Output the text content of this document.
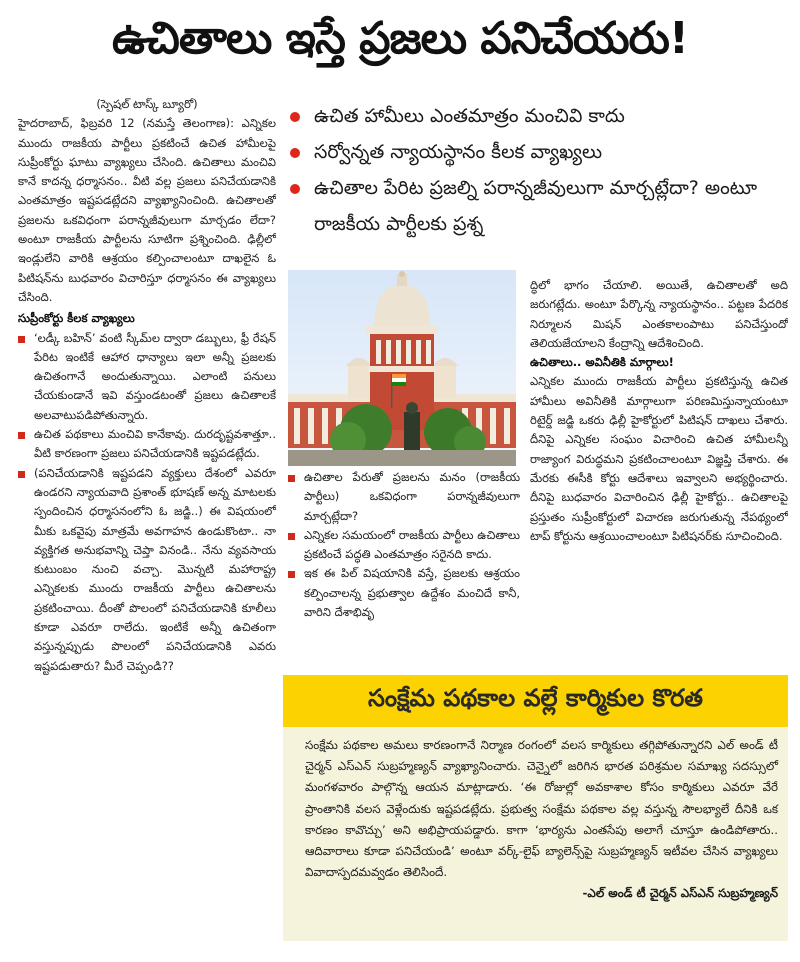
ఉచితాలు ఇస్తే ప్రజలు పనిచేయరు!
(స్పెషల్ టాస్క్ బ్యూరో)

హైదరాబాద్, ఫిబ్రవరి 12 (నమస్తే తెలంగాణ): ఎన్నికల ముందు రాజకీయ పార్టీలు ప్రకటించే ఉచిత హామీలపై సుప్రీంకోర్టు ఘాటు వ్యాఖ్యలు చేసింది. ఉచితాలు మంచివి కానే కాదన్న ధర్మాసనం.. వీటి వల్ల ప్రజలు పనిచేయడానికి ఎంతమాత్రం ఇష్టపడట్లేదని వ్యాఖ్యానించింది. ఉచితాలతో ప్రజలను ఒకవిధంగా పరాన్నజీవులుగా మార్చడం లేదా? అంటూ రాజకీయ పార్టీలను సూటిగా ప్రశ్నించింది. ఢిల్లీలో ఇండ్లులేని వారికి ఆశ్రయం కల్పించాలంటూ దాఖలైన ఓ పిటిషన్‌ను బుధవారం విచారిస్తూ ధర్మాసనం ఈ వ్యాఖ్యలు చేసింది.

సుప్రీంకోర్టు కీలక వ్యాఖ్యలు
‘లడ్కీ బహిన్’ వంటి స్కీమ్‌ల ద్వారా డబ్బులు, ఫ్రీ రేషన్ పేరిట ఇంటికే ఆహార ధాన్యాలు ఇలా అన్నీ ప్రజలకు ఉచితంగానే అందుతున్నాయి. ఎలాంటి పనులు చేయకుండానే ఇవి వస్తుండటంతో ప్రజలు ఉచితాలకే అలవాటుపడిపోతున్నారు.
ఉచిత పథకాలు మంచివి కానేకావు. దురదృష్టవశాత్తూ.. వీటి కారణంగా ప్రజలు పనిచేయడానికి ఇష్టపడట్లేదు.
(పనిచేయడానికి ఇష్టపడని వ్యక్తులు దేశంలో ఎవరూ ఉండరని న్యాయవాది ప్రశాంత్ భూషణ్ అన్న మాటలకు స్పందించిన ధర్మాసనంలోని ఓ జడ్జి..) ఈ విషయంలో మీకు ఒకవైపు మాత్రమే అవగాహన ఉండుకొంటా.. నా వ్యక్తిగత అనుభవాన్ని చెప్తా వినండి.. నేను వ్యవసాయ కుటుంబం నుంచి వచ్చా. మొన్నటి మహారాష్ట్ర ఎన్నికలకు ముందు రాజకీయ పార్టీలు ఉచితాలను ప్రకటించాయి. దీంతో పొలంలో పనిచేయడానికి కూలీలు కూడా ఎవరూ రాలేదు. ఇంటికే అన్నీ ఉచితంగా వస్తున్నప్పుడు పొలంలో పనిచేయడానికి ఎవరు ఇష్టపడుతారు? మీరే చెప్పండి??
ఉచిత హామీలు ఎంతమాత్రం మంచివి కాదు
సర్వోన్నత న్యాయస్థానం కీలక వ్యాఖ్యలు
ఉచితాల పేరిట ప్రజల్ని పరాన్నజీవులుగా మార్చట్లేదా? అంటూ రాజకీయ పార్టీలకు ప్రశ్న
ఉచితాల పేరుతో ప్రజలను మనం (రాజకీయ పార్టీలు) ఒకవిధంగా పరాన్నజీవులుగా మార్చట్లేదా?
ఎన్నికల సమయంలో రాజకీయ పార్టీలు ఉచితాలు ప్రకటించే పద్ధతి ఎంతమాత్రం సరైనది కాదు.
ఇక ఈ పిల్ విషయానికి వస్తే, ప్రజలకు ఆశ్రయం కల్పించాలన్న ప్రభుత్వాల ఉద్దేశం మంచిదే కానీ, వారిని దేశాభివృ

ద్ధిలో భాగం చేయాలి. అయితే, ఉచితాలతో అది జరుగట్లేదు. అంటూ పేర్కొన్న న్యాయస్థానం.. పట్టణ పేదరిక నిర్మూలన మిషన్ ఎంతకాలంపాటు పనిచేస్తుందో తెలియజేయాలని కేంద్రాన్ని ఆదేశించింది.

ఉచితాలు.. అవినీతికి మార్గాలు!

ఎన్నికల ముందు రాజకీయ పార్టీలు ప్రకటిస్తున్న ఉచిత హామీలు అవినీతికి మార్గాలుగా పరిణమిస్తున్నాయంటూ రిటైర్డ్ జడ్జి ఒకరు ఢిల్లీ హైకోర్టులో పిటిషన్ దాఖలు చేశారు. దీనిపై ఎన్నికల సంఘం విచారించి ఉచిత హామీలన్నీ రాజ్యాంగ విరుద్ధమని ప్రకటించాలంటూ విజ్ఞప్తి చేశారు. ఈ మేరకు ఈసీకి కోర్టు ఆదేశాలు ఇవ్వాలని అభ్యర్థించారు. దీనిపై బుధవారం విచారించిన ఢిల్లీ హైకోర్టు.. ఉచితాలపై ప్రస్తుతం సుప్రీంకోర్టులో విచారణ జరుగుతున్న నేపథ్యంలో టాప్ కోర్టును ఆశ్రయించాలంటూ పిటిషనర్‌కు సూచించింది.

సంక్షేమ పథకాల వల్లే కార్మికుల కొరత

సంక్షేమ పథకాల అమలు కారణంగానే నిర్మాణ రంగంలో వలస కార్మికులు తగ్గిపోతున్నారని ఎల్ అండ్ టీ చైర్మన్ ఎస్ఎన్ సుబ్రహ్మణ్యన్ వ్యాఖ్యానించారు. చెన్నైలో జరిగిన భారత పరిశ్రమల సమాఖ్య సదస్సులో మంగళవారం పాల్గొన్న ఆయన మాట్లాడారు. ‘ఈ రోజుల్లో అవకాశాల కోసం కార్మికులు ఎవరూ వేరే ప్రాంతానికి వలస వెళ్లేందుకు ఇష్టపడట్లేదు. ప్రభుత్వ సంక్షేమ పథకాల వల్ల వస్తున్న సౌలభ్యాలే దీనికి ఒక కారణం కావొచ్చు’ అని అభిప్రాయపడ్డారు. కాగా ‘భార్యను ఎంతసేపు అలాగే చూస్తూ ఉండిపోతారు.. ఆదివారాలు కూడా పనిచేయండి’ అంటూ వర్క్-లైఫ్ బ్యాలెన్స్‌పై సుబ్రహ్మణ్యన్ ఇటీవల చేసిన వ్యాఖ్యలు వివాదాస్పదమవ్వడం తెలిసిందే.

-ఎల్ అండ్ టీ చైర్మన్ ఎస్ఎన్ సుబ్రహ్మణ్యన్
